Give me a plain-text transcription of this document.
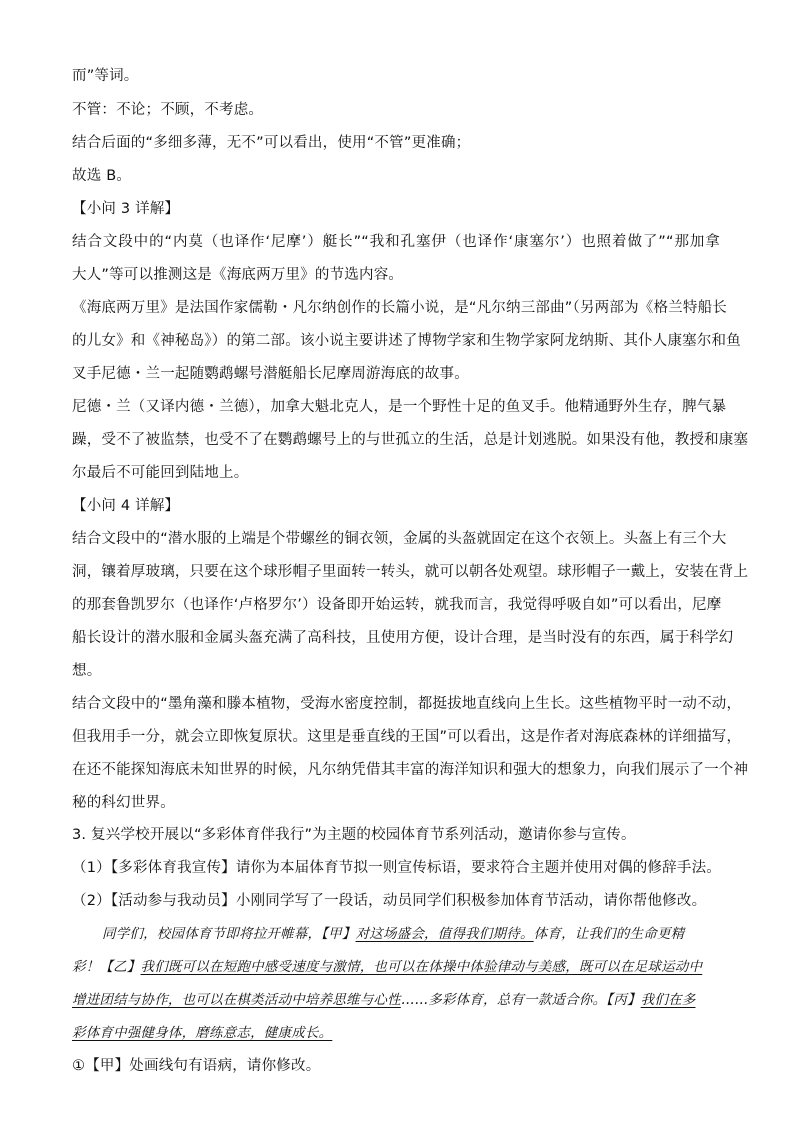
而”等词。
不管：不论；不顾，不考虑。
结合后面的“多细多薄，无不”可以看出，使用“不管”更准确；
故选 B。
【小问 3 详解】
结合文段中的“内莫（也译作‘尼摩’）艇长”“我和孔塞伊（也译作‘康塞尔’）也照着做了”“那加拿
大人”等可以推测这是《海底两万里》的节选内容。
《海底两万里》是法国作家儒勒・凡尔纳创作的长篇小说，是“凡尔纳三部曲”（另两部为《格兰特船长
的儿女》和《神秘岛》）的第二部。该小说主要讲述了博物学家和生物学家阿龙纳斯、其仆人康塞尔和鱼
叉手尼德・兰一起随鹦鹉螺号潜艇船长尼摩周游海底的故事。
尼德・兰（又译内德・兰德），加拿大魁北克人，是一个野性十足的鱼叉手。他精通野外生存，脾气暴
躁，受不了被监禁，也受不了在鹦鹉螺号上的与世孤立的生活，总是计划逃脱。如果没有他，教授和康塞
尔最后不可能回到陆地上。
【小问 4 详解】
结合文段中的“潜水服的上端是个带螺丝的铜衣领，金属的头盔就固定在这个衣领上。头盔上有三个大
洞，镶着厚玻璃，只要在这个球形帽子里面转一转头，就可以朝各处观望。球形帽子一戴上，安装在背上
的那套鲁凯罗尔（也译作‘卢格罗尔’）设备即开始运转，就我而言，我觉得呼吸自如”可以看出，尼摩
船长设计的潜水服和金属头盔充满了高科技，且使用方便，设计合理，是当时没有的东西，属于科学幻
想。
结合文段中的“墨角藻和滕本植物，受海水密度控制，都挺拔地直线向上生长。这些植物平时一动不动，
但我用手一分，就会立即恢复原状。这里是垂直线的王国”可以看出，这是作者对海底森林的详细描写，
在还不能探知海底未知世界的时候，凡尔纳凭借其丰富的海洋知识和强大的想象力，向我们展示了一个神
秘的科幻世界。
3. 复兴学校开展以“多彩体育伴我行”为主题的校园体育节系列活动，邀请你参与宣传。
（1）【多彩体育我宣传】请你为本届体育节拟一则宣传标语，要求符合主题并使用对偶的修辞手法。
（2）【活动参与我动员】小刚同学写了一段话，动员同学们积极参加体育节活动，请你帮他修改。
同学们，校园体育节即将拉开帷幕，【甲】对这场盛会，值得我们期待。体育，让我们的生命更精
彩！【乙】我们既可以在短跑中感受速度与激情，也可以在体操中体验律动与美感，既可以在足球运动中
增进团结与协作，也可以在棋类活动中培养思维与心性……多彩体育，总有一款适合你。【丙】我们在多
彩体育中强健身体，磨练意志，健康成长。
①【甲】处画线句有语病，请你修改。
